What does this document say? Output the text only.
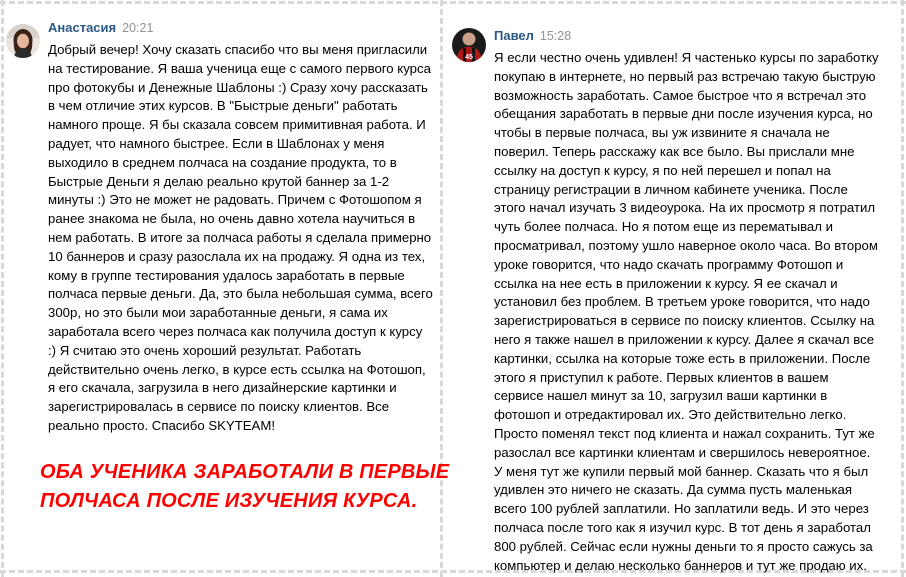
Анастасия 20:21
Добрый вечер! Хочу сказать спасибо что вы меня пригласили
на тестирование. Я ваша ученица еще с самого первого курса
про фотокубы и Денежные Шаблоны :) Сразу хочу рассказать
в чем отличие этих курсов. В "Быстрые деньги" работать
намного проще. Я бы сказала совсем примитивная работа. И
радует, что намного быстрее. Если в Шаблонах у меня
выходило в среднем полчаса на создание продукта, то в
Быстрые Деньги я делаю реально крутой баннер за 1-2
минуты :) Это не может не радовать. Причем с Фотошопом я
ранее знакома не была, но очень давно хотела научиться в
нем работать. В итоге за полчаса работы я сделала примерно
10 баннеров и сразу разослала их на продажу. Я одна из тех,
кому в группе тестирования удалось заработать в первые
полчаса первые деньги. Да, это была небольшая сумма, всего
300р, но это были мои заработанные деньги, я сама их
заработала всего через полчаса как получила доступ к курсу
:) Я считаю это очень хороший результат. Работать
действительно очень легко, в курсе есть ссылка на Фотошоп,
я его скачала, загрузила в него дизайнерские картинки и
зарегистрировалась в сервисе по поиску клиентов. Все
реально просто. Спасибо SKYTEAM!
45
Павел 15:28
Я если честно очень удивлен! Я частенько курсы по заработку
покупаю в интернете, но первый раз встречаю такую быструю
возможность заработать. Самое быстрое что я встречал это
обещания заработать в первые дни после изучения курса, но
чтобы в первые полчаса, вы уж извините я сначала не
поверил. Теперь расскажу как все было. Вы прислали мне
ссылку на доступ к курсу, я по ней перешел и попал на
страницу регистрации в личном кабинете ученика. После
этого начал изучать 3 видеоурока. На их просмотр я потратил
чуть более полчаса. Но я потом еще из перематывал и
просматривал, поэтому ушло наверное около часа. Во втором
уроке говорится, что надо скачать программу Фотошоп и
ссылка на нее есть в приложении к курсу. Я ее скачал и
установил без проблем. В третьем уроке говорится, что надо
зарегистрироваться в сервисе по поиску клиентов. Ссылку на
него я также нашел в приложении к курсу. Далее я скачал все
картинки, ссылка на которые тоже есть в приложении. После
этого я приступил к работе. Первых клиентов в вашем
сервисе нашел минут за 10, загрузил ваши картинки в
фотошоп и отредактировал их. Это действительно легко.
Просто поменял текст под клиента и нажал сохранить. Тут же
разослал все картинки клиентам и свершилось невероятное.
У меня тут же купили первый мой баннер. Сказать что я был
удивлен это ничего не сказать. Да сумма пусть маленькая
всего 100 рублей заплатили. Но заплатили ведь. И это через
полчаса после того как я изучил курс. В тот день я заработал
800 рублей. Сейчас если нужны деньги то я просто сажусь за
компьютер и делаю несколько баннеров и тут же продаю их.
ОБА УЧЕНИКА ЗАРАБОТАЛИ В ПЕРВЫЕ
ПОЛЧАСА ПОСЛЕ ИЗУЧЕНИЯ КУРСА.
